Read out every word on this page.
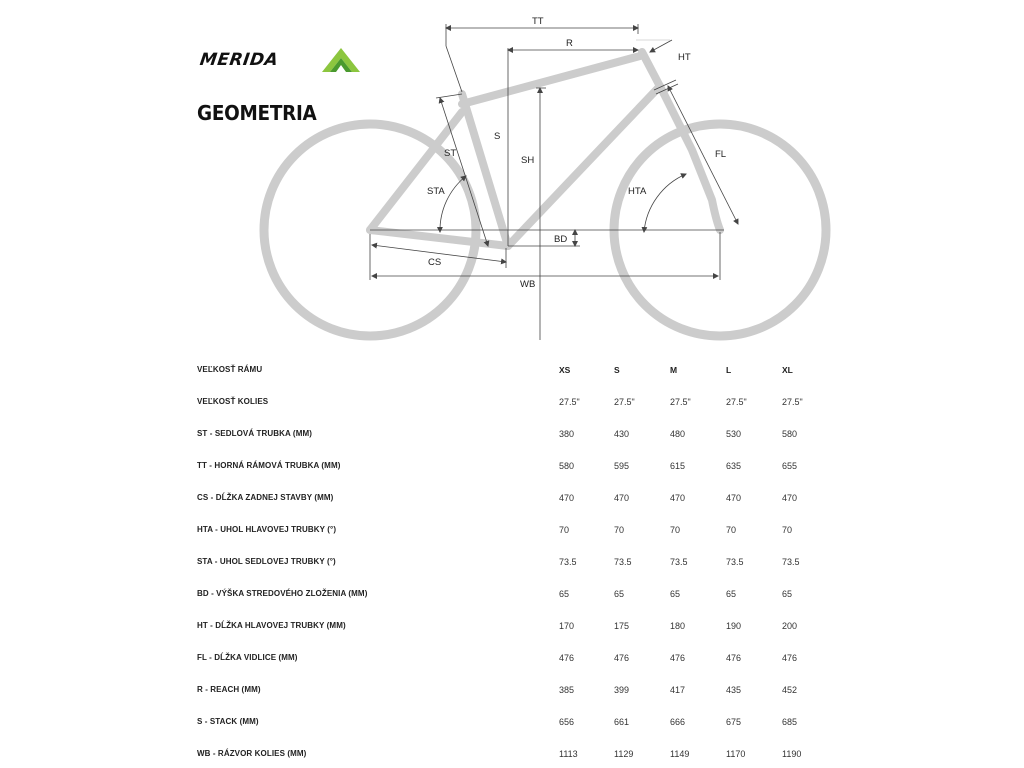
MERIDA
GEOMETRIA
TT
R
HT
S
ST
SH
FL
STA	HTA
BD
CS
WB
VEĽKOSŤ RÁMU	XS	S	M	L	XL
VEĽKOSŤ KOLIES	27.5"	27.5"	27.5"	27.5"	27.5"
ST - SEDLOVÁ TRUBKA (MM)	380	430	480	530	580
TT - HORNÁ RÁMOVÁ TRUBKA (MM)	580	595	615	635	655
CS - DĹŽKA ZADNEJ STAVBY (MM)	470	470	470	470	470
HTA - UHOL HLAVOVEJ TRUBKY (°)	70	70	70	70	70
STA - UHOL SEDLOVEJ TRUBKY (°)	73.5	73.5	73.5	73.5	73.5
BD - VÝŠKA STREDOVÉHO ZLOŽENIA (MM)	65	65	65	65	65
HT - DĹŽKA HLAVOVEJ TRUBKY (MM)	170	175	180	190	200
FL - DĹŽKA VIDLICE (MM)	476	476	476	476	476
R - REACH (MM)	385	399	417	435	452
S - STACK (MM)	656	661	666	675	685
WB - RÁZVOR KOLIES (MM)	1113	1129	1149	1170	1190
